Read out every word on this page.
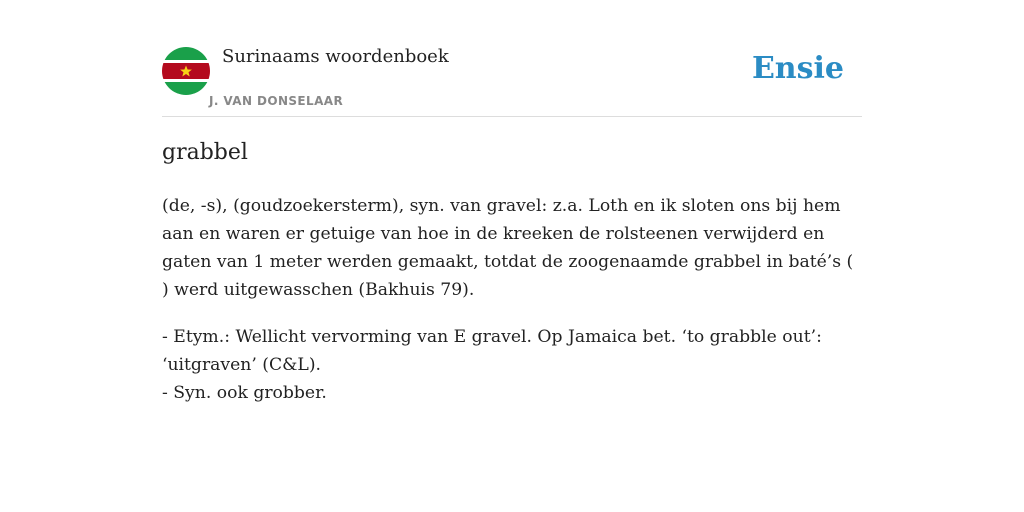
Surinaams woordenboek
J. VAN DONSELAAR
Ensie
grabbel

(de, -s), (goudzoekersterm), syn. van gravel: z.a. Loth en ik sloten ons bij hem aan en waren er getuige van hoe in de kreeken de rolsteenen verwijderd en gaten van 1 meter werden gemaakt, totdat de zoogenaamde grabbel in baté’s ( ) werd uitgewasschen (Bakhuis 79).

- Etym.: Wellicht vervorming van E gravel. Op Jamaica bet. ‘to grabble out’:
‘uitgraven’ (C&L).
- Syn. ook grobber.
